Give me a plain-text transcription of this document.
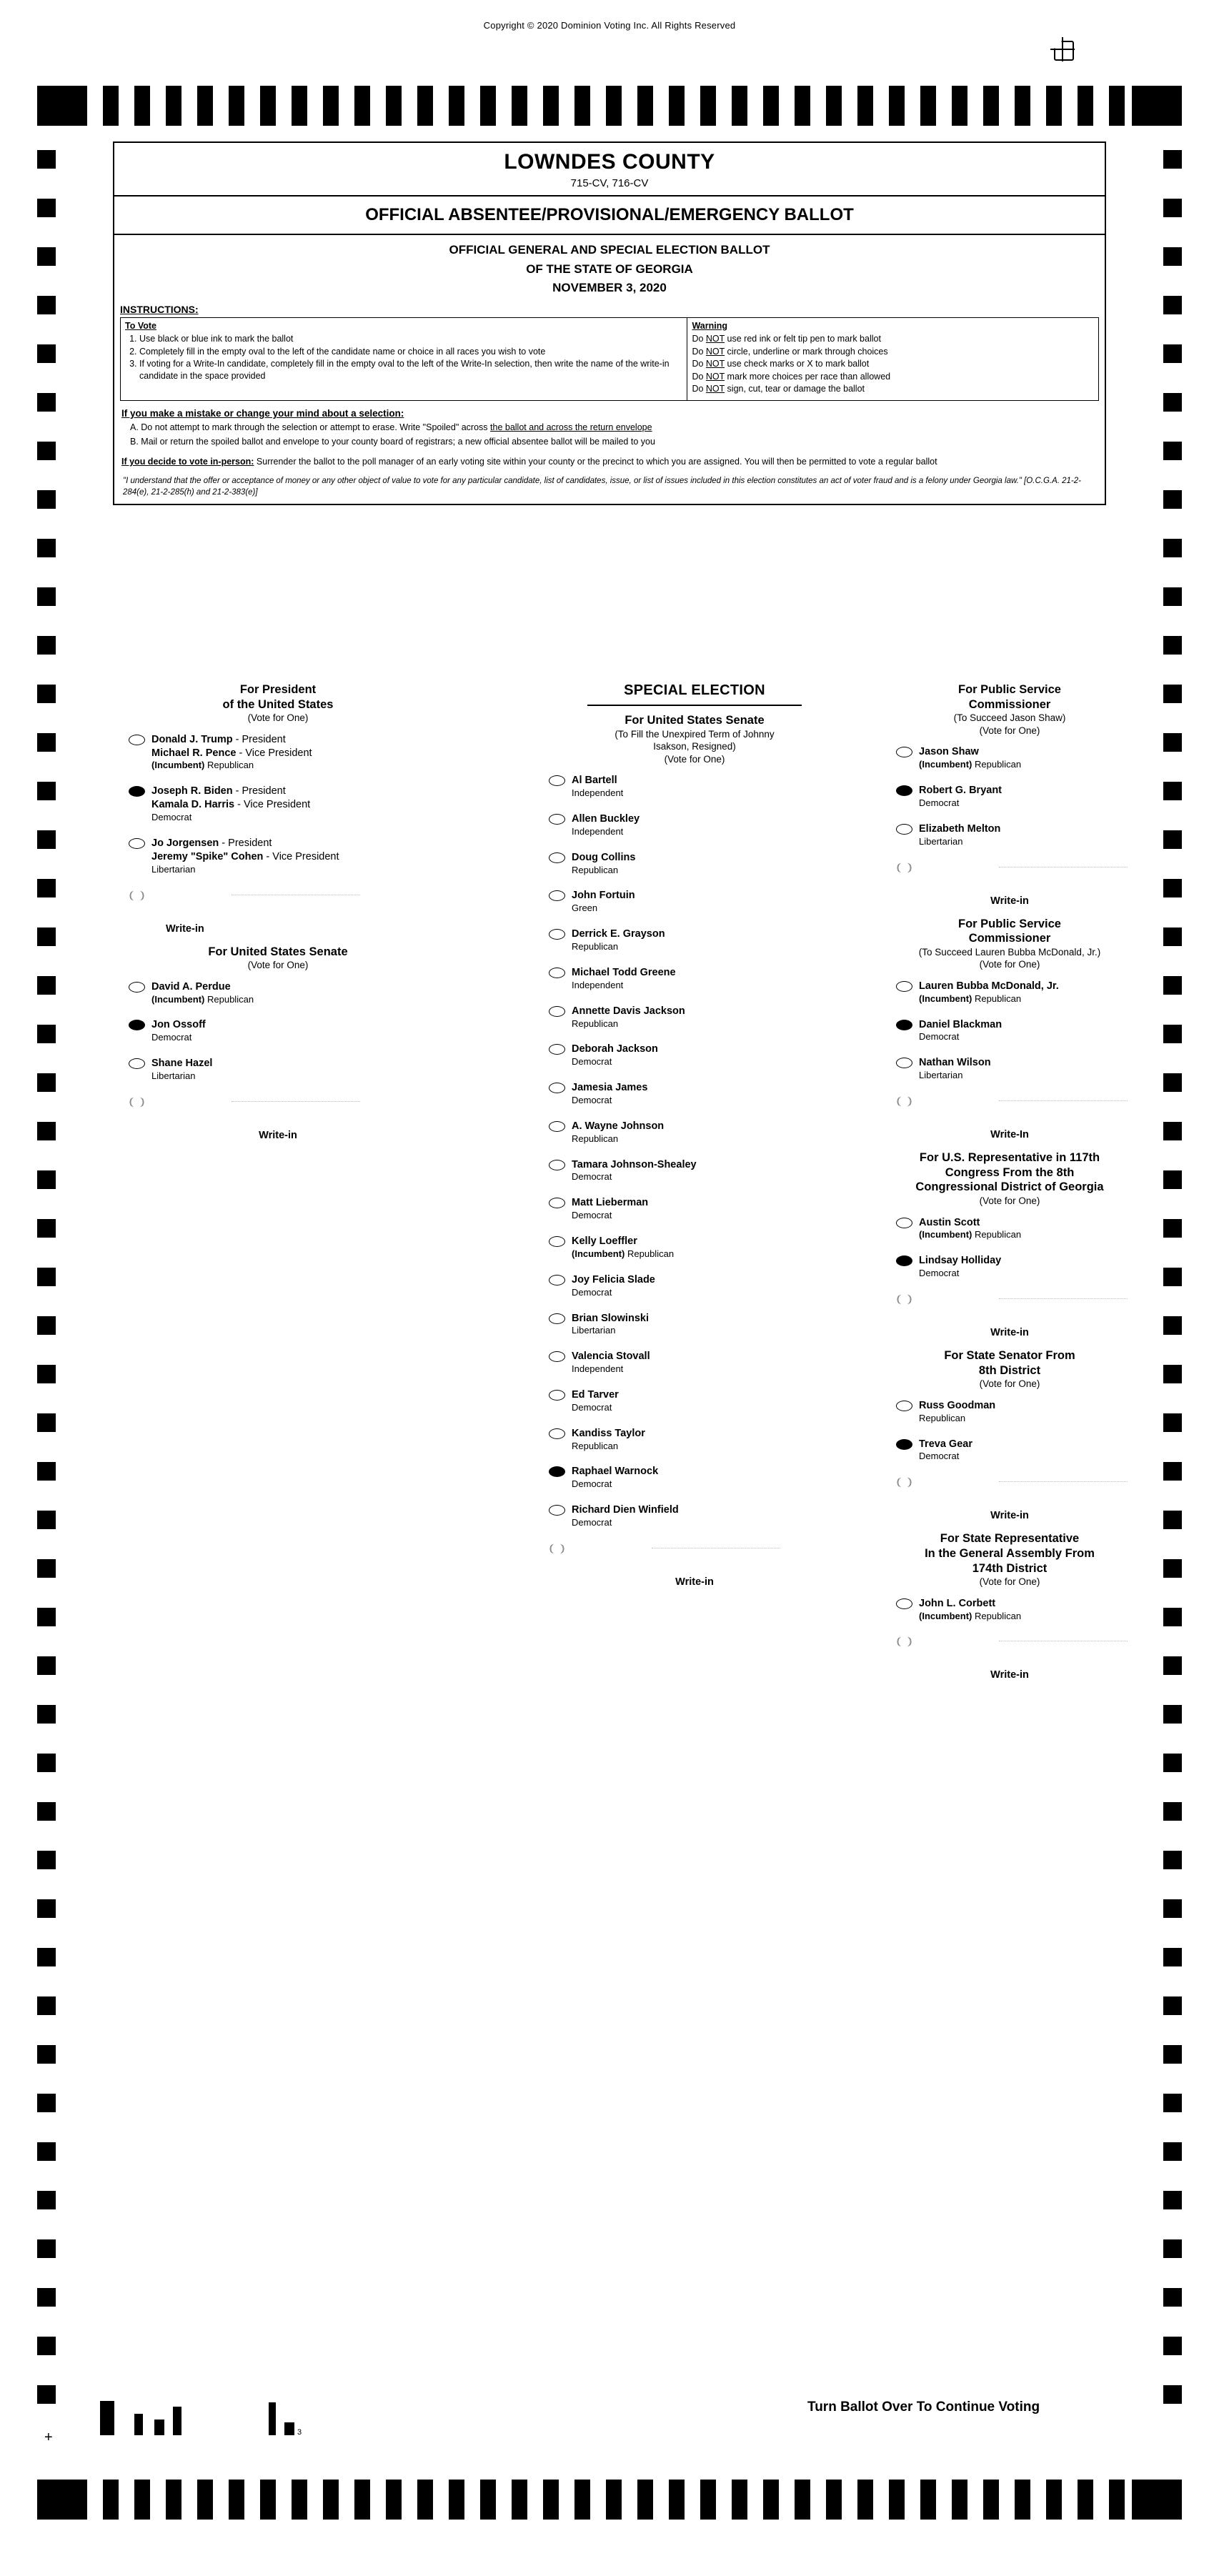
Copyright © 2020 Dominion Voting Inc. All Rights Reserved
LOWNDES COUNTY
715-CV, 716-CV
OFFICIAL ABSENTEE/PROVISIONAL/EMERGENCY BALLOT
OFFICIAL GENERAL AND SPECIAL ELECTION BALLOT
OF THE STATE OF GEORGIA
NOVEMBER 3, 2020
INSTRUCTIONS:
To Vote
1. Use black or blue ink to mark the ballot
2. Completely fill in the empty oval to the left of the candidate name or choice in all races you wish to vote
3. If voting for a Write-In candidate, completely fill in the empty oval to the left of the Write-In selection, then write the name of the write-in candidate in the space provided
Warning
Do NOT use red ink or felt tip pen to mark ballot
Do NOT circle, underline or mark through choices
Do NOT use check marks or X to mark ballot
Do NOT mark more choices per race than allowed
Do NOT sign, cut, tear or damage the ballot
If you make a mistake or change your mind about a selection:
A. Do not attempt to mark through the selection or attempt to erase. Write "Spoiled" across the ballot and across the return envelope
B. Mail or return the spoiled ballot and envelope to your county board of registrars; a new official absentee ballot will be mailed to you
If you decide to vote in-person: Surrender the ballot to the poll manager of an early voting site within your county or the precinct to which you are assigned. You will then be permitted to vote a regular ballot
"I understand that the offer or acceptance of money or any other object of value to vote for any particular candidate, list of candidates, issue, or list of issues included in this election constitutes an act of voter fraud and is a felony under Georgia law." [O.C.G.A. 21-2-284(e), 21-2-285(h) and 21-2-383(e)]
For President
of the United States
(Vote for One)
Donald J. Trump - President
Michael R. Pence - Vice President
(Incumbent) Republican
Joseph R. Biden - President
Kamala D. Harris - Vice President
Democrat
Jo Jorgensen - President
Jeremy "Spike" Cohen - Vice President
Libertarian
Write-in
For United States Senate
(Vote for One)
David A. Perdue
(Incumbent) Republican
Jon Ossoff
Democrat
Shane Hazel
Libertarian
Write-in
SPECIAL ELECTION
For United States Senate
(To Fill the Unexpired Term of Johnny
Isakson, Resigned)
(Vote for One)
Al Bartell
Independent
Allen Buckley
Independent
Doug Collins
Republican
John Fortuin
Green
Derrick E. Grayson
Republican
Michael Todd Greene
Independent
Annette Davis Jackson
Republican
Deborah Jackson
Democrat
Jamesia James
Democrat
A. Wayne Johnson
Republican
Tamara Johnson-Shealey
Democrat
Matt Lieberman
Democrat
Kelly Loeffler
(Incumbent) Republican
Joy Felicia Slade
Democrat
Brian Slowinski
Libertarian
Valencia Stovall
Independent
Ed Tarver
Democrat
Kandiss Taylor
Republican
Raphael Warnock
Democrat
Richard Dien Winfield
Democrat
Write-in
For Public Service
Commissioner
(To Succeed Jason Shaw)
(Vote for One)
Jason Shaw
(Incumbent) Republican
Robert G. Bryant
Democrat
Elizabeth Melton
Libertarian
Write-in
For Public Service
Commissioner
(To Succeed Lauren Bubba McDonald, Jr.)
(Vote for One)
Lauren Bubba McDonald, Jr.
(Incumbent) Republican
Daniel Blackman
Democrat
Nathan Wilson
Libertarian
Write-In
For U.S. Representative in 117th
Congress From the 8th
Congressional District of Georgia
(Vote for One)
Austin Scott
(Incumbent) Republican
Lindsay Holliday
Democrat
Write-in
For State Senator From
8th District
(Vote for One)
Russ Goodman
Republican
Treva Gear
Democrat
Write-in
For State Representative
In the General Assembly From
174th District
(Vote for One)
John L. Corbett
(Incumbent) Republican
Write-in
Turn Ballot Over To Continue Voting
+	3
